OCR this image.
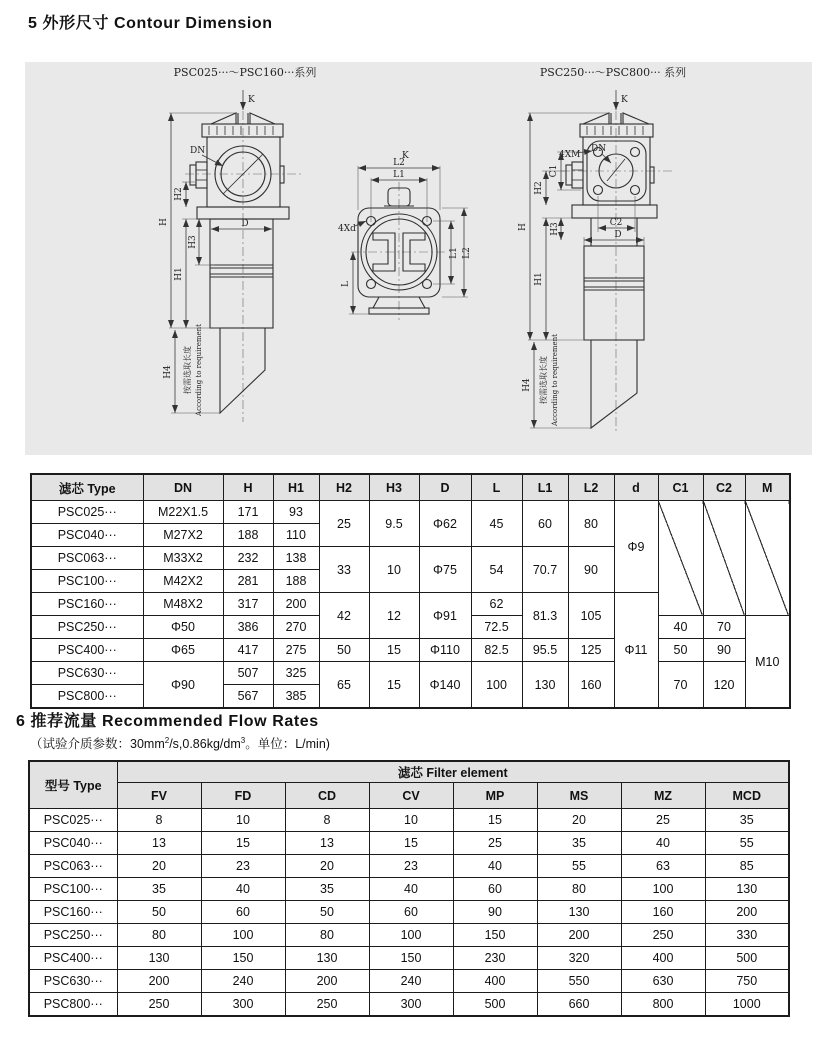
5 外形尺寸 Contour Dimension
PSC025···～PSC160···系列
K
D
DN
H
H2
H3
H1
H4 按需选取长度 According to requirement
K
L2
L1
4Xd
L
L1 L2
PSC250···～PSC800··· 系列
K
C2
D
DN
4XM
C1
H2
H H3
H1
H4 按需选取长度 According to requirement
滤芯 Type	DN	H	H1	H2	H3	D	L	L1	L2	d	C1	C2	M
PSC025···	M22X1.5	171	93	25	9.5	Φ62	45	60	80	Φ9			
PSC040···	M27X2	188	110										
PSC063···	M33X2	232	138	33	10	Φ75	54	70.7	90				
PSC100···	M42X2	281	188										
PSC160···	M48X2	317	200	42	12	Φ91	62	81.3	105	Φ11			
PSC250···	Φ50	386	270				72.5				40	70	M10
PSC400···	Φ65	417	275	50	15	Φ110	82.5	95.5	125		50	90	
PSC630···	Φ90	507	325	65	15	Φ140	100	130	160		70	120	
PSC800···		567	385										
6 推荐流量 Recommended Flow Rates
（试验介质参数：$30mm^2/s,0.86kg/dm^3$。单位：L/min)
型号 Type	滤芯 Filter element							
	FV	FD	CD	CV	MP	MS	MZ	MCD
PSC025···	8	10	8	10	15	20	25	35
PSC040···	13	15	13	15	25	35	40	55
PSC063···	20	23	20	23	40	55	63	85
PSC100···	35	40	35	40	60	80	100	130
PSC160···	50	60	50	60	90	130	160	200
PSC250···	80	100	80	100	150	200	250	330
PSC400···	130	150	130	150	230	320	400	500
PSC630···	200	240	200	240	400	550	630	750
PSC800···	250	300	250	300	500	660	800	1000
